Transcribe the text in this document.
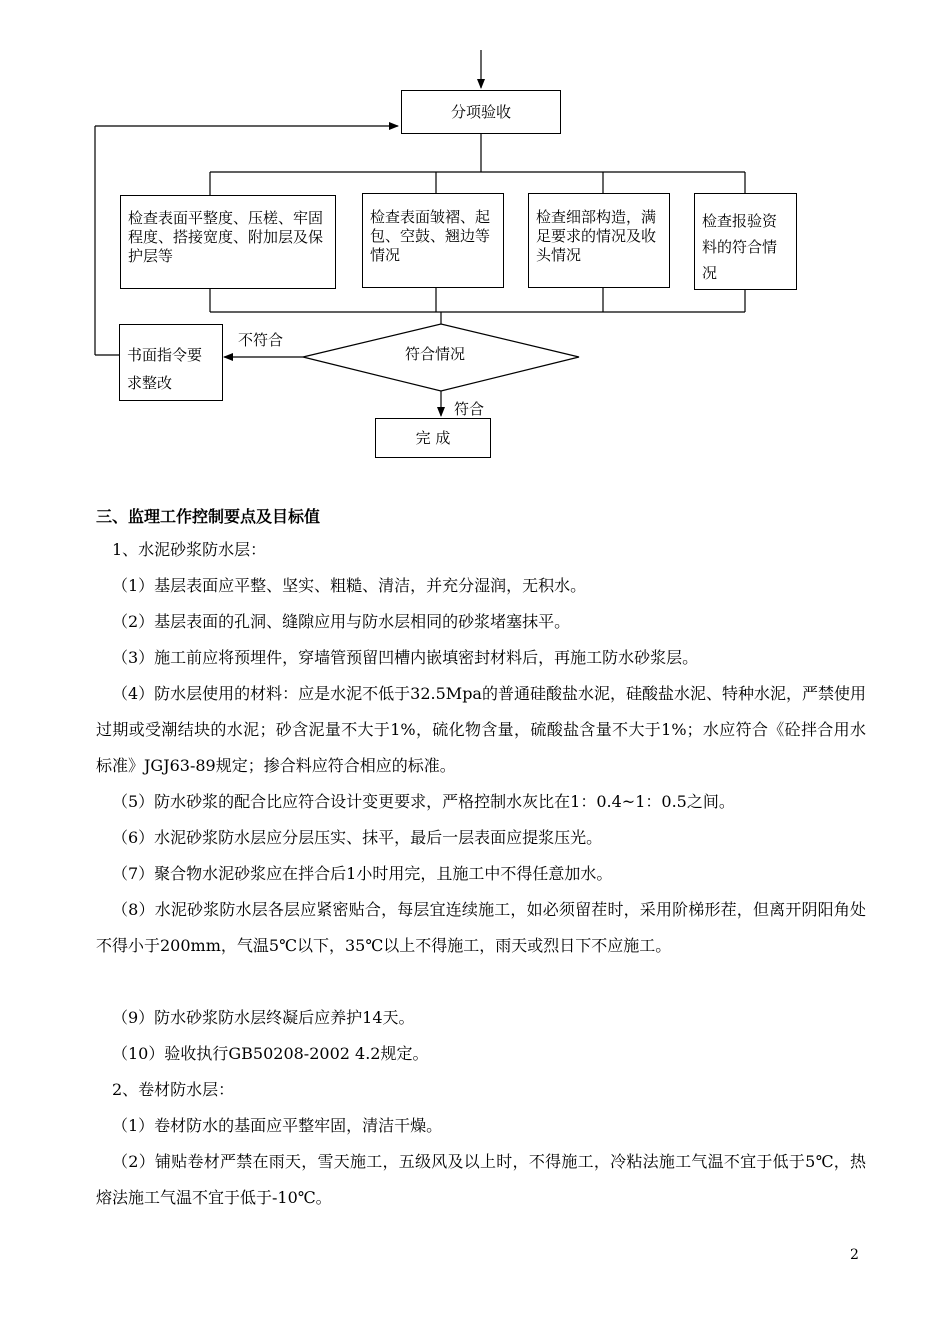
分项验收
检查表面平整度、压槎、牢固程度、搭接宽度、附加层及保护层等
检查表面皱褶、起包、空鼓、翘边等情况
检查细部构造，满足要求的情况及收头情况
检查报验资料的符合情况
符合情况
不符合
书面指令要求整改
符合
完 成
三、监理工作控制要点及目标值
1、水泥砂浆防水层：
（1）基层表面应平整、坚实、粗糙、清洁，并充分湿润，无积水。
（2）基层表面的孔洞、缝隙应用与防水层相同的砂浆堵塞抹平。
（3）施工前应将预埋件，穿墙管预留凹槽内嵌填密封材料后，再施工防水砂浆层。
（4）防水层使用的材料：应是水泥不低于32.5Mpa的普通硅酸盐水泥，硅酸盐水泥、特种水泥，严禁使用过期或受潮结块的水泥；砂含泥量不大于1%，硫化物含量，硫酸盐含量不大于1%；水应符合《砼拌合用水标准》JGJ63-89规定；掺合料应符合相应的标准。
（5）防水砂浆的配合比应符合设计变更要求，严格控制水灰比在1：0.4~1：0.5之间。
（6）水泥砂浆防水层应分层压实、抹平，最后一层表面应提浆压光。
（7）聚合物水泥砂浆应在拌合后1小时用完，且施工中不得任意加水。
（8）水泥砂浆防水层各层应紧密贴合，每层宜连续施工，如必须留茬时，采用阶梯形茬，但离开阴阳角处不得小于200mm，气温5℃以下，35℃以上不得施工，雨天或烈日下不应施工。
（9）防水砂浆防水层终凝后应养护14天。
（10）验收执行GB50208-2002 4.2规定。
2、卷材防水层：
（1）卷材防水的基面应平整牢固，清洁干燥。
（2）铺贴卷材严禁在雨天，雪天施工，五级风及以上时，不得施工，冷粘法施工气温不宜于低于5℃，热熔法施工气温不宜于低于-10℃。
2
